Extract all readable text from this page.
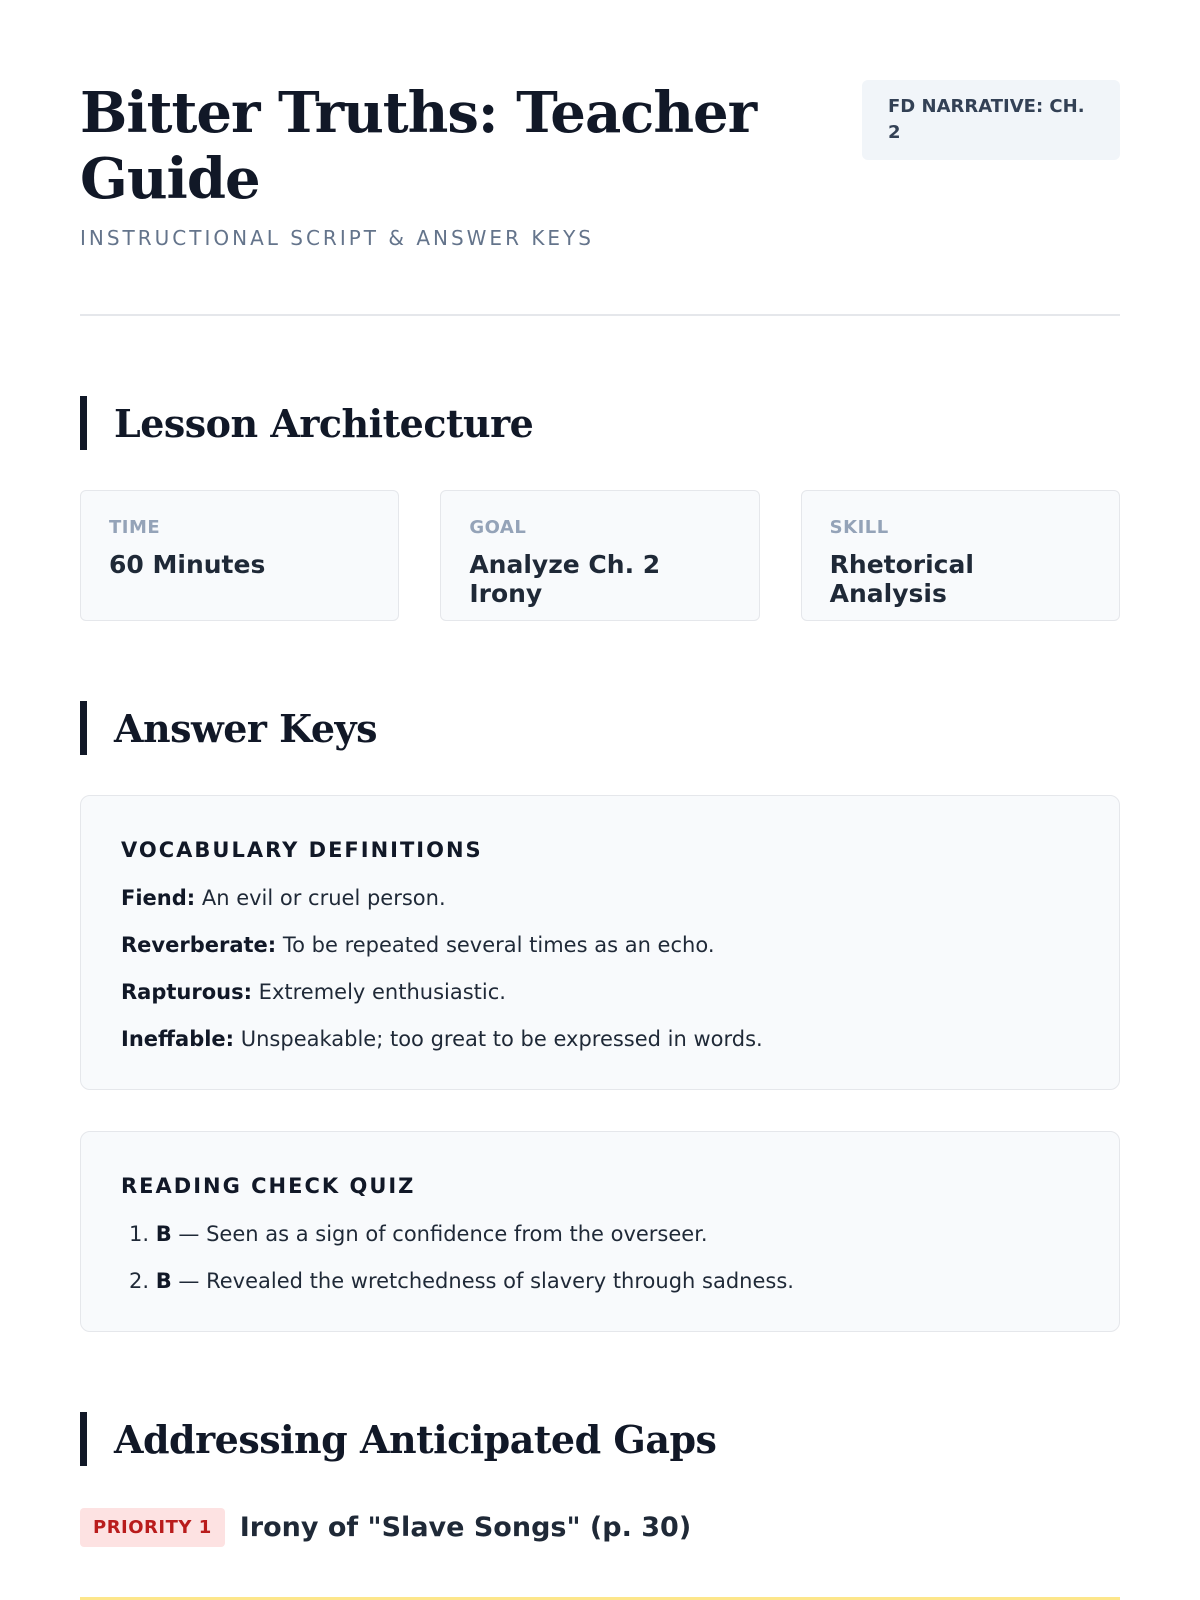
Bitter Truths: Teacher Guide
INSTRUCTIONAL SCRIPT & ANSWER KEYS
FD NARRATIVE: CH. 2
Lesson Architecture
TIME
60 Minutes
GOAL
Analyze Ch. 2 Irony
SKILL
Rhetorical Analysis
Answer Keys
VOCABULARY DEFINITIONS
Fiend: An evil or cruel person.
Reverberate: To be repeated several times as an echo.
Rapturous: Extremely enthusiastic.
Ineffable: Unspeakable; too great to be expressed in words.
READING CHECK QUIZ
1. B — Seen as a sign of confidence from the overseer.
2. B — Revealed the wretchedness of slavery through sadness.
Addressing Anticipated Gaps
PRIORITY 1	Irony of "Slave Songs" (p. 30)
